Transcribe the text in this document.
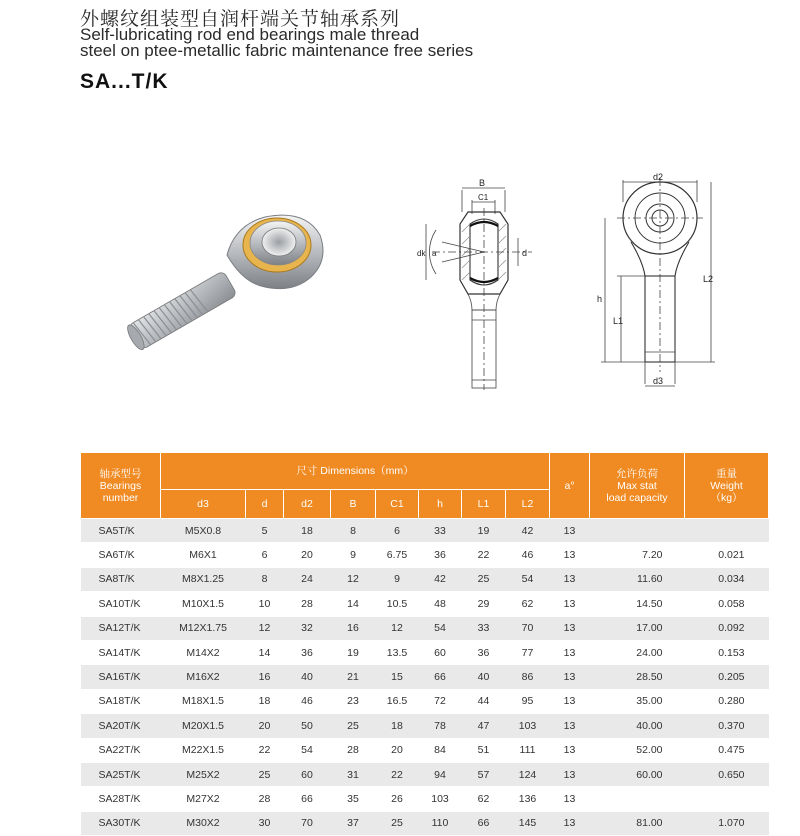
外螺纹组装型自润杆端关节轴承系列
Self-lubricating rod end bearings male thread
steel on ptee-metallic fabric maintenance free series
SA...T/K
B
C1
a
dk	d
d2
h
L1
L2
d3
轴承型号
Bearings
number	尺寸 Dimensions（mm）								a°	允许负荷
Max stat
load capacity	重量
Weight
（kg）

	d3	d	d2	B	C1	h	L1	L2			
SA5T/K	M5X0.8	5	18	8	6	33	19	42	13		
SA6T/K	M6X1	6	20	9	6.75	36	22	46	13	7.20	0.021
SA8T/K	M8X1.25	8	24	12	9	42	25	54	13	11.60	0.034
SA10T/K	M10X1.5	10	28	14	10.5	48	29	62	13	14.50	0.058
SA12T/K	M12X1.75	12	32	16	12	54	33	70	13	17.00	0.092
SA14T/K	M14X2	14	36	19	13.5	60	36	77	13	24.00	0.153
SA16T/K	M16X2	16	40	21	15	66	40	86	13	28.50	0.205
SA18T/K	M18X1.5	18	46	23	16.5	72	44	95	13	35.00	0.280
SA20T/K	M20X1.5	20	50	25	18	78	47	103	13	40.00	0.370
SA22T/K	M22X1.5	22	54	28	20	84	51	111	13	52.00	0.475
SA25T/K	M25X2	25	60	31	22	94	57	124	13	60.00	0.650
SA28T/K	M27X2	28	66	35	26	103	62	136	13		
SA30T/K	M30X2	30	70	37	25	110	66	145	13	81.00	1.070
